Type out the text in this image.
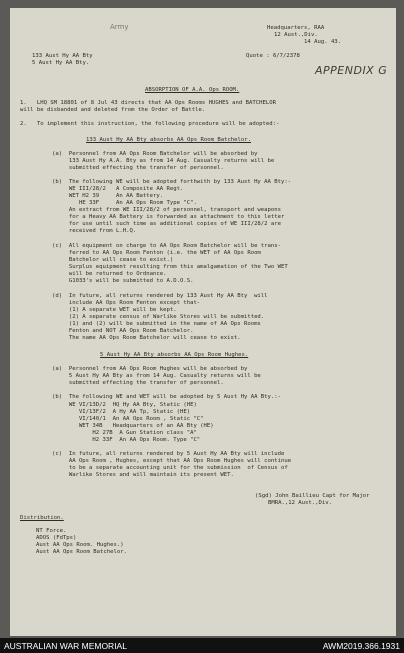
Army	Headquarters, RAA
12 Aust.,Div.
14 Aug. 43.
133 Aust Hy AA Bty
5 Aust Hy AA Bty.
Quote : 6/7/2378
APPENDIX G
ABSORPTION OF A.A. Ops ROOM.
1.   LHQ SM 18801 of 8 Jul 43 directs that AA Ops Rooms HUGHES and BATCHELOR
will be disbanded and deleted from the Order of Battle.
2.   To implement this instruction, the following procedure will be adopted:-
133 Aust Hy AA Bty absorbs AA Ops Room Batchelor.
(a)  Personnel from AA Ops Room Batchelor will be absorbed by
133 Aust Hy A.A. Bty as from 14 Aug. Casualty returns will be
submitted effecting the transfer of personnel.
(b)  The following WE will be adopted forthwith by 133 Aust Hy AA Bty:-
WE III/28/2   A Composite AA Regt.
WET H2 39     An AA Battery.
HE 33F     An AA Ops Room Type "C".
An extract from WE III/28/2 of personnel, transport and weapons
for a Heavy AA Battery is forwarded as attachment to this letter
for use until such time as additional copies of WE III/28/2 are
received from L.H.Q.
(c)  All equipment on charge to AA Ops Room Batchelor will be trans-
ferred to AA Ops Room Fenton (i.e. the WET of AA Ops Room
Batchelor will cease to exist.)
Surplus equipment resulting from this amalgamation of the Two WET
will be returned to Ordnance.
G1033's will be submitted to A.D.O.S.
(d)  In future, all returns rendered by 133 Aust Hy AA Bty  will
include AA Ops Room Fenton except that-
(1) A separate WET will be kept.
(2) A separate census of Warlike Stores will be submitted.
(1) and (2) will be submitted in the name of AA Ops Rooms
Fenton and NOT AA Ops Room Batchelor.
The name AA Ops Room Batchelor will cease to exist.
5 Aust Hy AA Bty absorbs AA Ops Room Hughes.
(a)  Personnel from AA Ops Room Hughes will be absorbed by
5 Aust Hy AA Bty as from 14 Aug. Casualty returns will be
submitted effecting the transfer of personnel.
(b)  The following WE and WET will be adopted by 5 Aust Hy AA Bty.:-
WE VI/13D/2  HQ Hy AA Bty, Static (HE)
VI/13F/2  A Hy AA Tp, Static (HE)
VI/140/1  An AA Ops Room , Static "C"
WET 34B   Headquarters of an AA Bty (HE)
H2 27B  A Gun Station class "A"
H2 33F  An AA Ops Room. Type "C"
(c)  In future, all returns rendered by 5 Aust Hy AA Bty will include
AA Ops Room , Hughes, except that AA Ops Room Hughes will continue
to be a separate accounting unit for the submission  of Census of
Warlike Stores and will maintain its present WET.
(Sgd) John Baillieu Capt for Major
BMRA.,12 Aust.,Div.
Distribution.
NT Force.
ADOS (FdTps)
Aust AA Ops Room. Hughes.)
Aust AA Ops Room Batchelor.
AUSTRALIAN WAR MEMORIAL	AWM2019.366.1931
